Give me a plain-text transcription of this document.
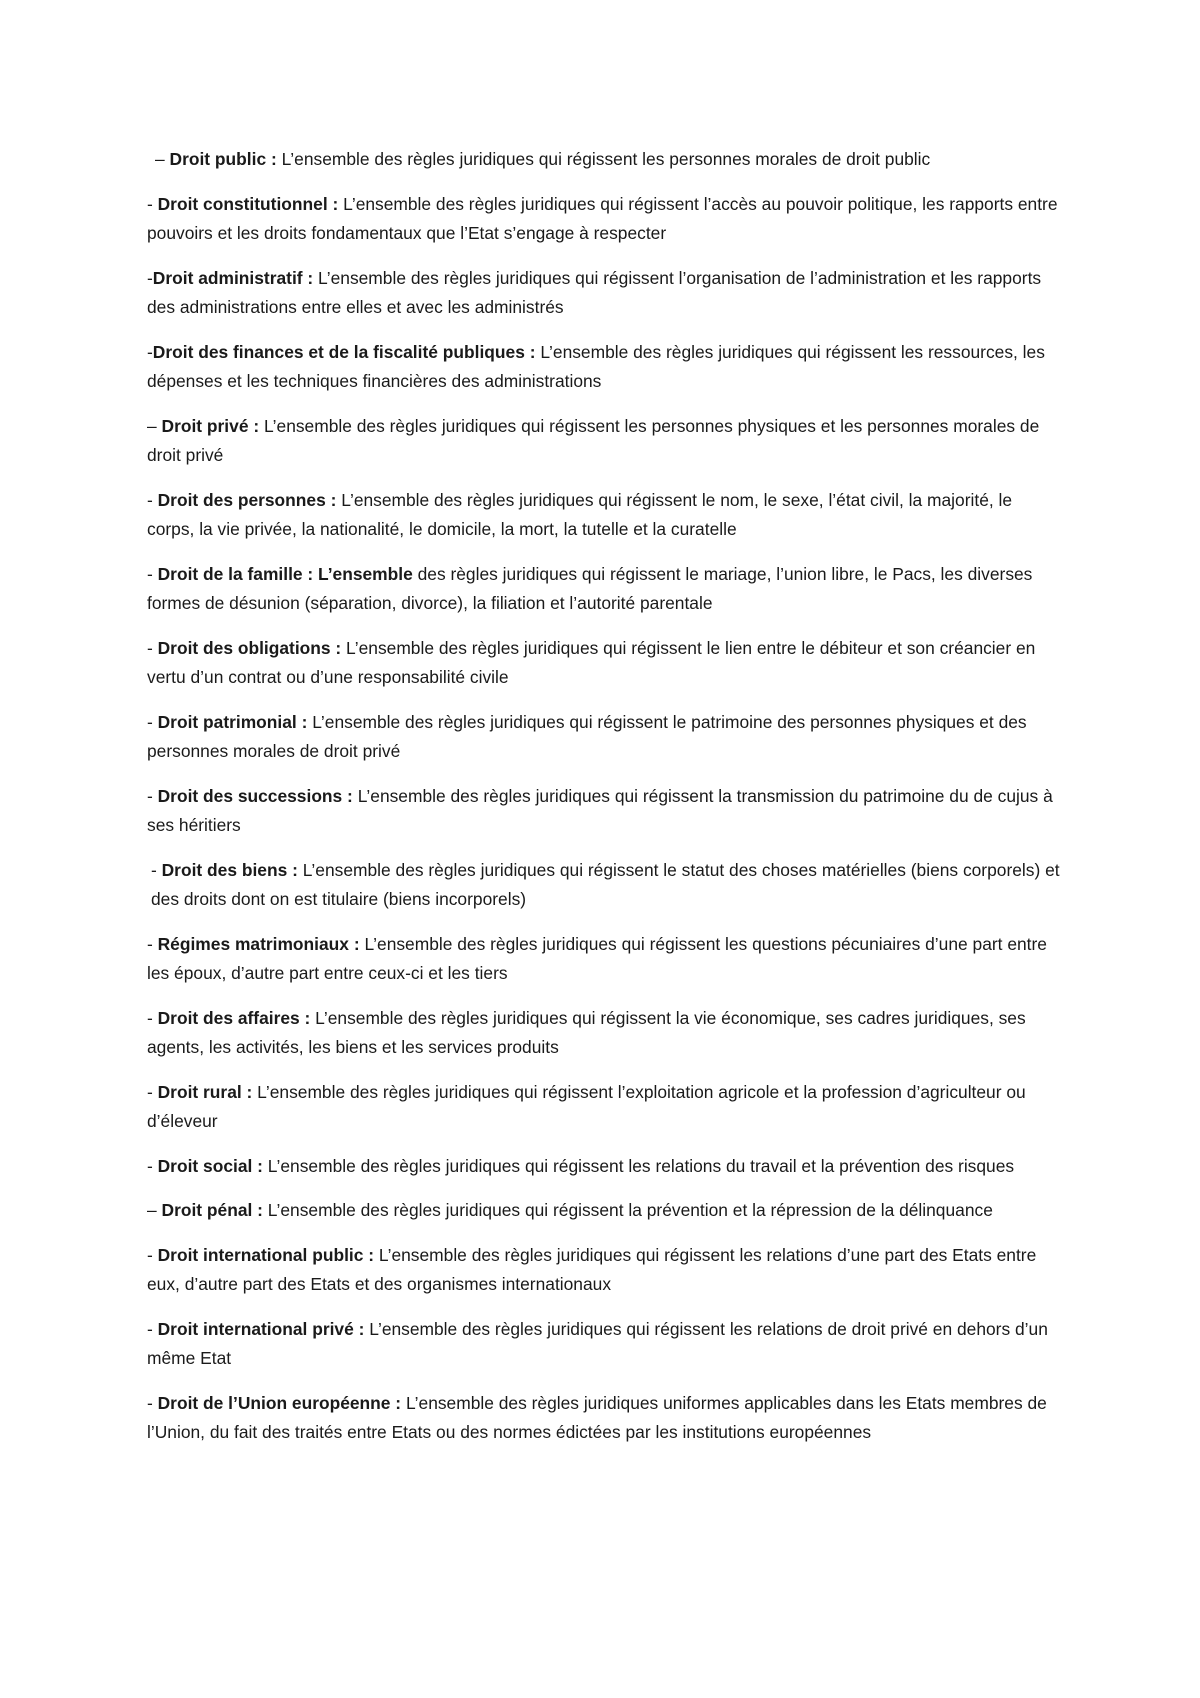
– Droit public : L’ensemble des règles juridiques qui régissent les personnes morales de droit public

- Droit constitutionnel : L’ensemble des règles juridiques qui régissent l’accès au pouvoir politique, les rapports entre pouvoirs et les droits fondamentaux que l’Etat s’engage à respecter

-Droit administratif : L’ensemble des règles juridiques qui régissent l’organisation de l’administration et les rapports des administrations entre elles et avec les administrés

-Droit des finances et de la fiscalité publiques : L’ensemble des règles juridiques qui régissent les ressources, les dépenses et les techniques financières des administrations

– Droit privé : L’ensemble des règles juridiques qui régissent les personnes physiques et les personnes morales de droit privé

- Droit des personnes : L’ensemble des règles juridiques qui régissent le nom, le sexe, l’état civil, la majorité, le corps, la vie privée, la nationalité, le domicile, la mort, la tutelle et la curatelle

- Droit de la famille : L’ensemble des règles juridiques qui régissent le mariage, l’union libre, le Pacs, les diverses formes de désunion (séparation, divorce), la filiation et l’autorité parentale

- Droit des obligations : L’ensemble des règles juridiques qui régissent le lien entre le débiteur et son créancier en vertu d’un contrat ou d’une responsabilité civile

- Droit patrimonial : L’ensemble des règles juridiques qui régissent le patrimoine des personnes physiques et des personnes morales de droit privé

- Droit des successions : L’ensemble des règles juridiques qui régissent la transmission du patrimoine du de cujus à ses héritiers

- Droit des biens : L’ensemble des règles juridiques qui régissent le statut des choses matérielles (biens corporels) et des droits dont on est titulaire (biens incorporels)

- Régimes matrimoniaux : L’ensemble des règles juridiques qui régissent les questions pécuniaires d’une part entre les époux, d’autre part entre ceux-ci et les tiers

- Droit des affaires : L’ensemble des règles juridiques qui régissent la vie économique, ses cadres juridiques, ses agents, les activités, les biens et les services produits

- Droit rural : L’ensemble des règles juridiques qui régissent l’exploitation agricole et la profession d’agriculteur ou d’éleveur

- Droit social : L’ensemble des règles juridiques qui régissent les relations du travail et la prévention des risques

– Droit pénal : L’ensemble des règles juridiques qui régissent la prévention et la répression de la délinquance

- Droit international public : L’ensemble des règles juridiques qui régissent les relations d’une part des Etats entre eux, d’autre part des Etats et des organismes internationaux

- Droit international privé : L’ensemble des règles juridiques qui régissent les relations de droit privé en dehors d’un même Etat

- Droit de l’Union européenne : L’ensemble des règles juridiques uniformes applicables dans les Etats membres de l’Union, du fait des traités entre Etats ou des normes édictées par les institutions européennes
